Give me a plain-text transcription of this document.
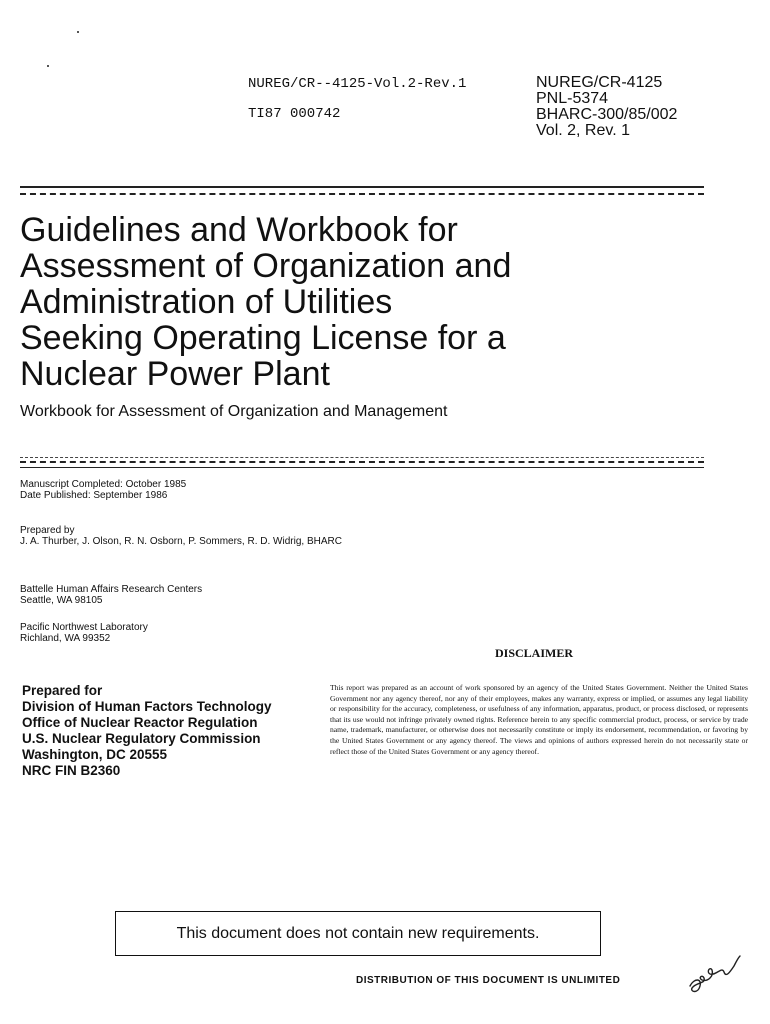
NUREG/CR--4125-Vol.2-Rev.1
TI87 000742
NUREG/CR-4125
PNL-5374
BHARC-300/85/002
Vol. 2, Rev. 1
Guidelines and Workbook for
Assessment of Organization and
Administration of Utilities
Seeking Operating License for a
Nuclear Power Plant
Workbook for Assessment of Organization and Management
Manuscript Completed: October 1985
Date Published: September 1986
Prepared by
J. A. Thurber, J. Olson, R. N. Osborn, P. Sommers, R. D. Widrig, BHARC
Battelle Human Affairs Research Centers
Seattle, WA 98105
Pacific Northwest Laboratory
Richland, WA 99352
Prepared for
Division of Human Factors Technology
Office of Nuclear Reactor Regulation
U.S. Nuclear Regulatory Commission
Washington, DC 20555
NRC FIN B2360
DISCLAIMER
This report was prepared as an account of work sponsored by an agency of the United States Government. Neither the United States Government nor any agency thereof, nor any of their employees, makes any warranty, express or implied, or assumes any legal liability or responsibility for the accuracy, completeness, or usefulness of any information, apparatus, product, or process disclosed, or represents that its use would not infringe privately owned rights. Reference herein to any specific commercial product, process, or service by trade name, trademark, manufacturer, or otherwise does not necessarily constitute or imply its endorsement, recommendation, or favoring by the United States Government or any agency thereof. The views and opinions of authors expressed herein do not necessarily state or reflect those of the United States Government or any agency thereof.
This document does not contain new requirements.
DISTRIBUTION OF THIS DOCUMENT IS UNLIMITED
